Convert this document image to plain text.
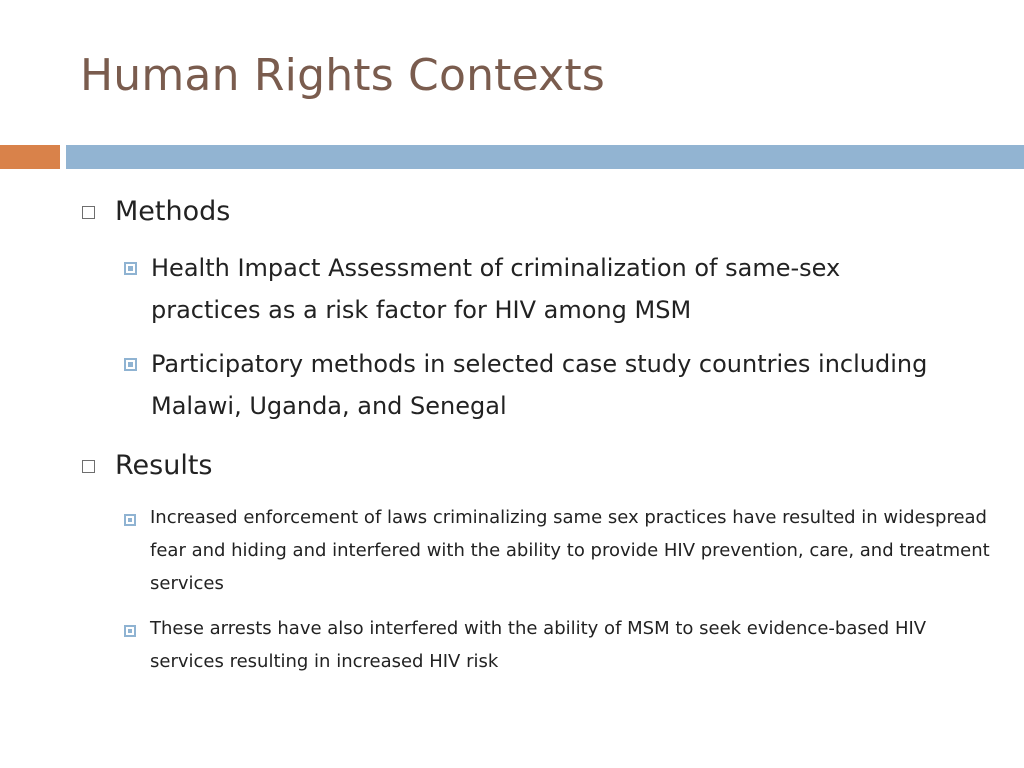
Human Rights Contexts
Methods
Health Impact Assessment of criminalization of same-sex practices as a risk factor for HIV among MSM
Participatory methods in selected case study countries including Malawi, Uganda, and Senegal
Results
Increased enforcement of laws criminalizing same sex practices have resulted in widespread fear and hiding and interfered with the ability to provide HIV prevention, care, and treatment services
These arrests have also interfered with the ability of MSM to seek evidence-based HIV services resulting in increased HIV risk
